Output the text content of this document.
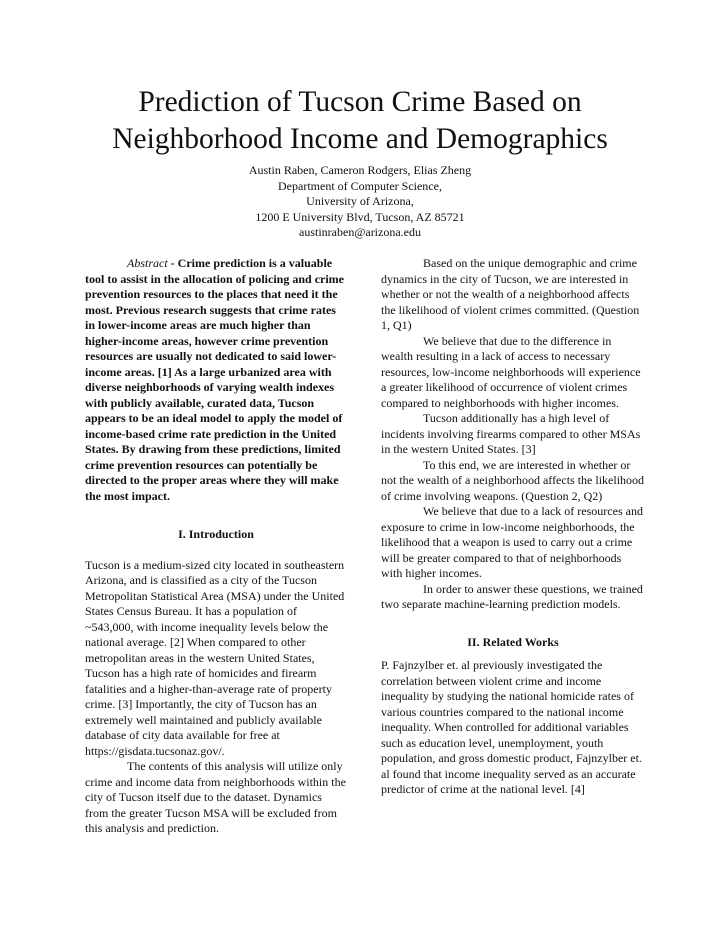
Prediction of Tucson Crime Based on
Neighborhood Income and Demographics
Austin Raben, Cameron Rodgers, Elias Zheng
Department of Computer Science,
University of Arizona,
1200 E University Blvd, Tucson, AZ 85721
austinraben@arizona.edu

Abstract - Crime prediction is a valuable tool to assist in the allocation of policing and crime prevention resources to the places that need it the most. Previous research suggests that crime rates in lower-income areas are much higher than higher-income areas, however crime prevention resources are usually not dedicated to said lower-income areas. [1] As a large urbanized area with diverse neighborhoods of varying wealth indexes with publicly available, curated data, Tucson appears to be an ideal model to apply the model of income-based crime rate prediction in the United States. By drawing from these predictions, limited crime prevention resources can potentially be directed to the proper areas where they will make the most impact.

I. Introduction

Tucson is a medium-sized city located in southeastern Arizona, and is classified as a city of the Tucson Metropolitan Statistical Area (MSA) under the United States Census Bureau. It has a population of ~543,000, with income inequality levels below the national average. [2] When compared to other metropolitan areas in the western United States, Tucson has a high rate of homicides and firearm fatalities and a higher-than-average rate of property crime. [3] Importantly, the city of Tucson has an extremely well maintained and publicly available database of city data available for free at https://gisdata.tucsonaz.gov/.

The contents of this analysis will utilize only crime and income data from neighborhoods within the city of Tucson itself due to the dataset. Dynamics from the greater Tucson MSA will be excluded from this analysis and prediction.

Based on the unique demographic and crime dynamics in the city of Tucson, we are interested in whether or not the wealth of a neighborhood affects the likelihood of violent crimes committed. (Question 1, Q1)

We believe that due to the difference in wealth resulting in a lack of access to necessary resources, low-income neighborhoods will experience a greater likelihood of occurrence of violent crimes compared to neighborhoods with higher incomes.

Tucson additionally has a high level of incidents involving firearms compared to other MSAs in the western United States. [3]

To this end, we are interested in whether or not the wealth of a neighborhood affects the likelihood of crime involving weapons. (Question 2, Q2)

We believe that due to a lack of resources and exposure to crime in low-income neighborhoods, the likelihood that a weapon is used to carry out a crime will be greater compared to that of neighborhoods with higher incomes.

In order to answer these questions, we trained two separate machine-learning prediction models.

II. Related Works

P. Fajnzylber et. al previously investigated the correlation between violent crime and income inequality by studying the national homicide rates of various countries compared to the national income inequality. When controlled for additional variables such as education level, unemployment, youth population, and gross domestic product, Fajnzylber et. al found that income inequality served as an accurate predictor of crime at the national level. [4]
